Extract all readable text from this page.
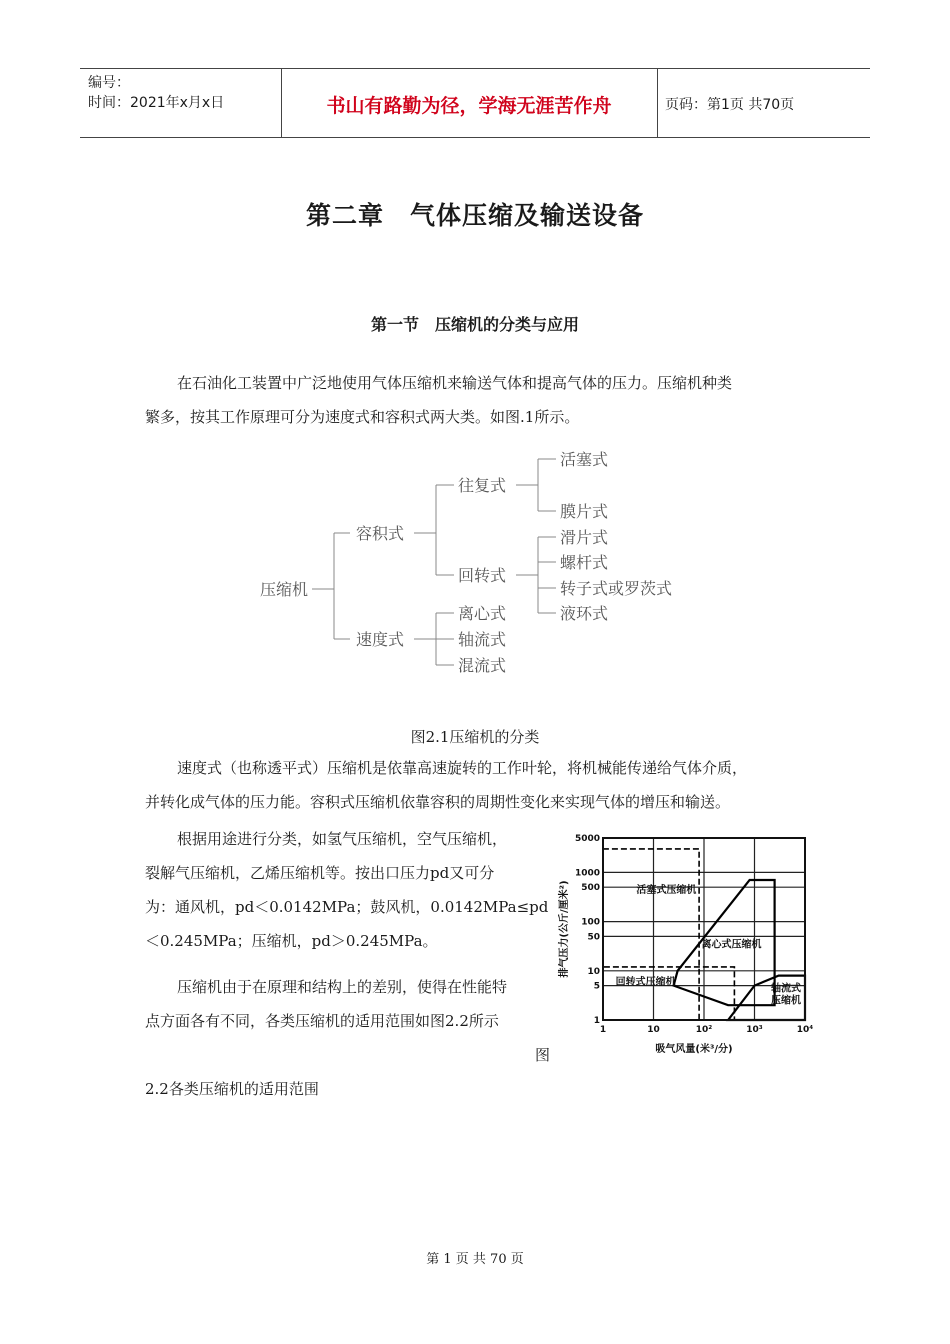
编号：
时间：2021年x月x日	书山有路勤为径，学海无涯苦作舟	页码：第1页 共70页
第二章　气体压缩及输送设备
第一节　压缩机的分类与应用

在石油化工装置中广泛地使用气体压缩机来输送气体和提高气体的压力。压缩机种类

繁多，按其工作原理可分为速度式和容积式两大类。如图.1所示。

压缩机
容积式
往复式
活塞式
膜片式
回转式
滑片式
螺杆式
转子式或罗茨式
液环式
速度式
离心式
轴流式
混流式
图2.1压缩机的分类

速度式（也称透平式）压缩机是依靠高速旋转的工作叶轮，将机械能传递给气体介质，

并转化成气体的压力能。容积式压缩机依靠容积的周期性变化来实现气体的增压和输送。

根据用途进行分类，如氢气压缩机，空气压缩机，

裂解气压缩机，乙烯压缩机等。按出口压力pd又可分

为：通风机，pd＜0.0142MPa；鼓风机，0.0142MPa≤pd

＜0.245MPa；压缩机，pd＞0.245MPa。

压缩机由于在原理和结构上的差别，使得在性能特

点方面各有不同，各类压缩机的适用范围如图2.2所示

图

2.2各类压缩机的适用范围

1
5
10
50
100
500
1000
5000
1	10	10²	10³	10⁴
活塞式压缩机
离心式压缩机
回转式压缩机
轴流式压缩机
排气压力(公斤/厘米²)
吸气风量(米³/分)
第 1 页 共 70 页
